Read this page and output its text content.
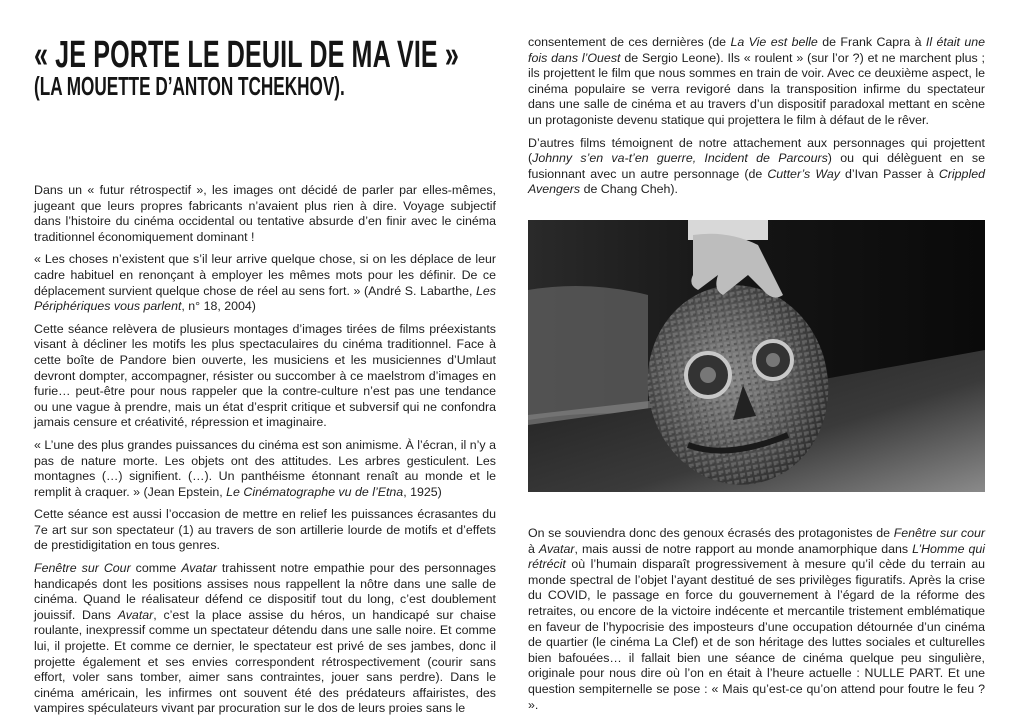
« JE PORTE LE DEUIL DE MA VIE »
(LA MOUETTE D’ANTON TCHEKHOV).

Dans un « futur rétrospectif », les images ont décidé de parler par elles-mêmes, jugeant que leurs propres fabricants n’avaient plus rien à dire. Voyage subjectif dans l’histoire du cinéma occidental ou tentative absurde d’en finir avec le cinéma traditionnel économiquement dominant !

« Les choses n’existent que s’il leur arrive quelque chose, si on les déplace de leur cadre habituel en renonçant à employer les mêmes mots pour les définir. De ce déplacement survient quelque chose de réel au sens fort. » (André S. Labarthe, Les Périphériques vous parlent, n° 18, 2004)

Cette séance relèvera de plusieurs montages d’images tirées de films préexistants visant à décliner les motifs les plus spectaculaires du cinéma traditionnel. Face à cette boîte de Pandore bien ouverte, les musiciens et les musiciennes d’Umlaut devront dompter, accompagner, résister ou succomber à ce maelstrom d’images en furie… peut-être pour nous rappeler que la contre-culture n’est pas une tendance ou une vague à prendre, mais un état d’esprit critique et subversif qui ne confondra jamais censure et créativité, répression et imaginaire.

« L’une des plus grandes puissances du cinéma est son animisme. À l’écran, il n’y a pas de nature morte. Les objets ont des attitudes. Les arbres gesticulent. Les montagnes (…) signifient. (…). Un panthéisme étonnant renaît au monde et le remplit à craquer. » (Jean Epstein, Le Cinématographe vu de l’Etna, 1925)

Cette séance est aussi l’occasion de mettre en relief les puissances écrasantes du 7e art sur son spectateur (1) au travers de son artillerie lourde de motifs et d’effets de prestidigitation en tous genres.

Fenêtre sur Cour comme Avatar trahissent notre empathie pour des personnages handicapés dont les positions assises nous rappellent la nôtre dans une salle de cinéma. Quand le réalisateur défend ce dispositif tout du long, c’est doublement jouissif. Dans Avatar, c’est la place assise du héros, un handicapé sur chaise roulante, inexpressif comme un spectateur détendu dans une salle noire. Et comme lui, il projette. Et comme ce dernier, le spectateur est privé de ses jambes, donc il projette également et ses envies correspondent rétrospectivement (courir sans effort, voler sans tomber, aimer sans contraintes, jouer sans perdre). Dans le cinéma américain, les infirmes ont souvent été des prédateurs affairistes, des vampires spéculateurs vivant par procuration sur le dos de leurs proies sans le

consentement de ces dernières (de La Vie est belle de Frank Capra à Il était une fois dans l’Ouest de Sergio Leone). Ils « roulent » (sur l’or ?) et ne marchent plus ; ils projettent le film que nous sommes en train de voir. Avec ce deuxième aspect, le cinéma populaire se verra revigoré dans la transposition infirme du spectateur dans une salle de cinéma et au travers d’un dispositif paradoxal mettant en scène un protagoniste devenu statique qui projettera le film à défaut de le rêver.

D’autres films témoignent de notre attachement aux personnages qui projettent (Johnny s’en va-t’en guerre, Incident de Parcours) ou qui délèguent en se fusionnant avec un autre personnage (de Cutter’s Way d’Ivan Passer à Crippled Avengers de Chang Cheh).

On se souviendra donc des genoux écrasés des protagonistes de Fenêtre sur cour à Avatar, mais aussi de notre rapport au monde anamorphique dans L’Homme qui rétrécit où l’humain disparaît progressivement à mesure qu’il cède du terrain au monde spectral de l’objet l’ayant destitué de ses privilèges figuratifs. Après la crise du COVID, le passage en force du gouvernement à l’égard de la réforme des retraites, ou encore de la victoire indécente et mercantile tristement emblématique en faveur de l’hypocrisie des imposteurs d’une occupation détournée d’un cinéma de quartier (le cinéma La Clef) et de son héritage des luttes sociales et culturelles bien bafouées… il fallait bien une séance de cinéma quelque peu singulière, originale pour nous dire où l’on en était à l’heure actuelle : NULLE PART. Et une question sempiternelle se pose : « Mais qu’est-ce qu’on attend pour foutre le feu ? ».
